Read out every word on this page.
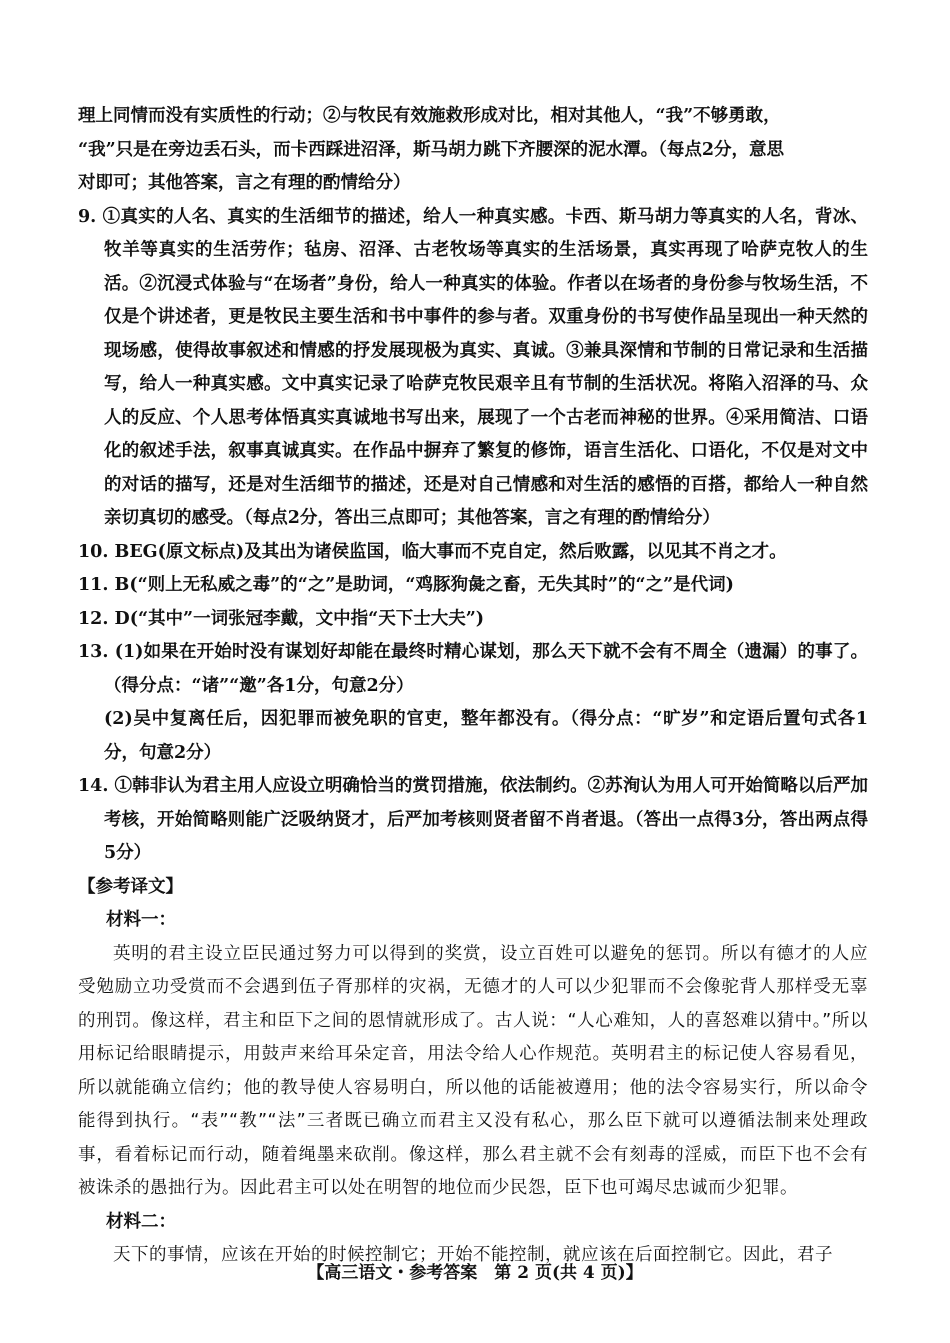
理上同情而没有实质性的行动；②与牧民有效施救形成对比，相对其他人，“我”不够勇敢，
“我”只是在旁边丢石头，而卡西踩进沼泽，斯马胡力跳下齐腰深的泥水潭。（每点2分，意思
对即可；其他答案，言之有理的酌情给分）

9. ①真实的人名、真实的生活细节的描述，给人一种真实感。卡西、斯马胡力等真实的人名，背冰、牧羊等真实的生活劳作；毡房、沼泽、古老牧场等真实的生活场景，真实再现了哈萨克牧人的生活。②沉浸式体验与“在场者”身份，给人一种真实的体验。作者以在场者的身份参与牧场生活，不仅是个讲述者，更是牧民主要生活和书中事件的参与者。双重身份的书写使作品呈现出一种天然的现场感，使得故事叙述和情感的抒发展现极为真实、真诚。③兼具深情和节制的日常记录和生活描写，给人一种真实感。文中真实记录了哈萨克牧民艰辛且有节制的生活状况。将陷入沼泽的马、众人的反应、个人思考体悟真实真诚地书写出来，展现了一个古老而神秘的世界。④采用简洁、口语化的叙述手法，叙事真诚真实。在作品中摒弃了繁复的修饰，语言生活化、口语化，不仅是对文中的对话的描写，还是对生活细节的描述，还是对自己情感和对生活的感悟的百搭，都给人一种自然亲切真切的感受。（每点2分，答出三点即可；其他答案，言之有理的酌情给分）

10. BEG(原文标点)及其出为诸侯监国，临大事而不克自定，然后败露，以见其不肖之才。

11. B(“则上无私威之毒”的“之”是助词，“鸡豚狗彘之畜，无失其时”的“之”是代词)

12. D(“其中”一词张冠李戴，文中指“天下士大夫”)

13. (1)如果在开始时没有谋划好却能在最终时精心谋划，那么天下就不会有不周全（遗漏）的事了。（得分点：“诸”“邀”各1分，句意2分）

(2)吴中复离任后，因犯罪而被免职的官吏，整年都没有。（得分点：“旷岁”和定语后置句式各1分，句意2分）

14. ①韩非认为君主用人应设立明确恰当的赏罚措施，依法制约。②苏洵认为用人可开始简略以后严加考核，开始简略则能广泛吸纳贤才，后严加考核则贤者留不肖者退。（答出一点得3分，答出两点得5分）

【参考译文】

材料一：

英明的君主设立臣民通过努力可以得到的奖赏，设立百姓可以避免的惩罚。所以有德才的人应受勉励立功受赏而不会遇到伍子胥那样的灾祸，无德才的人可以少犯罪而不会像驼背人那样受无辜的刑罚。像这样，君主和臣下之间的恩情就形成了。古人说：“人心难知，人的喜怒难以猜中。”所以用标记给眼睛提示，用鼓声来给耳朵定音，用法令给人心作规范。英明君主的标记使人容易看见，所以就能确立信约；他的教导使人容易明白，所以他的话能被遵用；他的法令容易实行，所以命令能得到执行。“表”“教”“法”三者既已确立而君主又没有私心，那么臣下就可以遵循法制来处理政事，看着标记而行动，随着绳墨来砍削。像这样，那么君主就不会有刻毒的淫威，而臣下也不会有被诛杀的愚拙行为。因此君主可以处在明智的地位而少民怨，臣下也可竭尽忠诚而少犯罪。

材料二：

天下的事情，应该在开始的时候控制它；开始不能控制，就应该在后面控制它。因此，君子

【高三语文・参考答案　第 2 页(共 4 页)】
